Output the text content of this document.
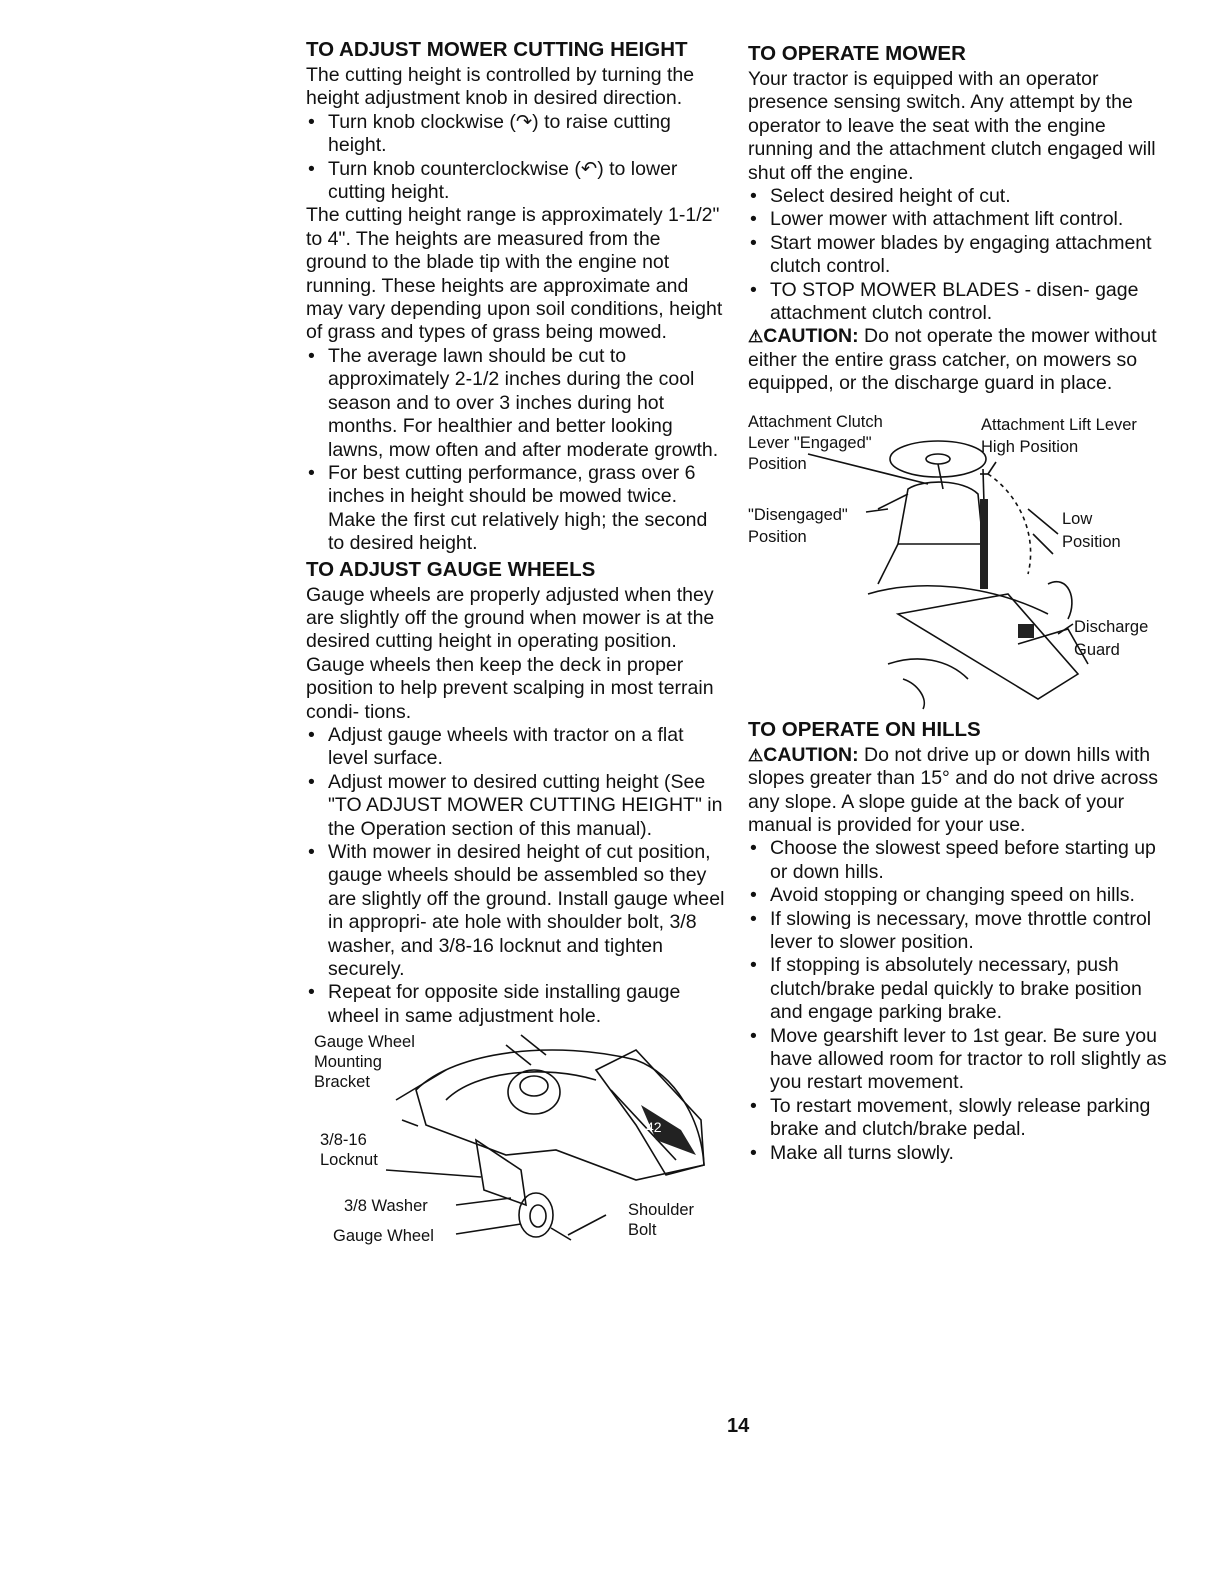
TO ADJUST MOWER CUTTING HEIGHT

The cutting height is controlled by turning the height adjustment knob in desired direction.

• Turn knob clockwise (↷) to raise cutting height.
• Turn knob counterclockwise (↶) to lower cutting height.

The cutting height range is approximately 1-1/2" to 4". The heights are measured from the ground to the blade tip with the engine not running. These heights are approximate and may vary depending upon soil conditions, height of grass and types of grass being mowed.

• The average lawn should be cut to approximately 2-1/2 inches during the cool season and to over 3 inches during hot months. For healthier and better looking lawns, mow often and after moderate growth.
• For best cutting performance, grass over 6 inches in height should be mowed twice. Make the first cut relatively high; the second to desired height.
TO ADJUST GAUGE WHEELS

Gauge wheels are properly adjusted when they are slightly off the ground when mower is at the desired cutting height in operating position. Gauge wheels then keep the deck in proper position to help prevent scalping in most terrain condi- tions.

• Adjust gauge wheels with tractor on a flat level surface.
• Adjust mower to desired cutting height (See "TO ADJUST MOWER CUTTING HEIGHT" in the Operation section of this manual).
• With mower in desired height of cut position, gauge wheels should be assembled so they are slightly off the ground. Install gauge wheel in appropri- ate hole with shoulder bolt, 3/8 washer, and 3/8-16 locknut and tighten securely.
• Repeat for opposite side installing gauge wheel in same adjustment hole.
42
Gauge Wheel
Mounting
Bracket
3/8-16
Locknut
3/8 Washer
Gauge Wheel
Shoulder
Bolt
TO OPERATE MOWER

Your tractor is equipped with an operator presence sensing switch. Any attempt by the operator to leave the seat with the engine running and the attachment clutch engaged will shut off the engine.

• Select desired height of cut.
• Lower mower with attachment lift control.
• Start mower blades by engaging attachment clutch control.
• TO STOP MOWER BLADES - disen- gage attachment clutch control.

⚠CAUTION: Do not operate the mower without either the entire grass catcher, on mowers so equipped, or the discharge guard in place.

Attachment Clutch
Lever "Engaged"
Position
"Disengaged"
Position
Attachment Lift Lever
High Position
Low
Position
Discharge
Guard
TO OPERATE ON HILLS

⚠CAUTION: Do not drive up or down hills with slopes greater than 15° and do not drive across any slope. A slope guide at the back of your manual is provided for your use.

• Choose the slowest speed before starting up or down hills.
• Avoid stopping or changing speed on hills.
• If slowing is necessary, move throttle control lever to slower position.
• If stopping is absolutely necessary, push clutch/brake pedal quickly to brake position and engage parking brake.
• Move gearshift lever to 1st gear. Be sure you have allowed room for tractor to roll slightly as you restart movement.
• To restart movement, slowly release parking brake and clutch/brake pedal.
• Make all turns slowly.
14
